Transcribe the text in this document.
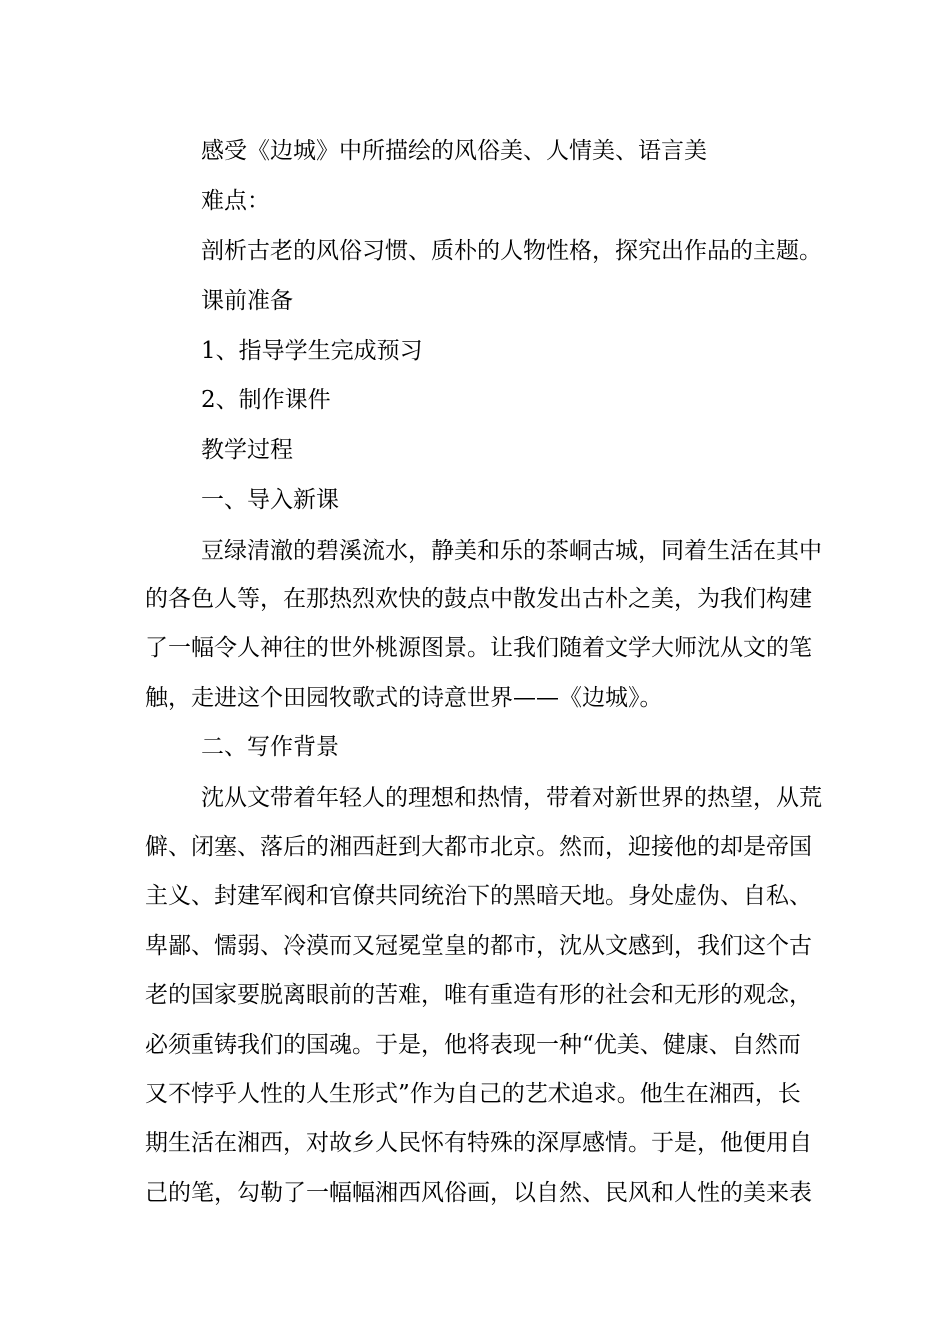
感受《边城》中所描绘的风俗美、人情美、语言美

难点：

剖析古老的风俗习惯、质朴的人物性格，探究出作品的主题。

课前准备

1、指导学生完成预习

2、制作课件

教学过程

一、导入新课

豆绿清澈的碧溪流水，静美和乐的茶峒古城，同着生活在其中

的各色人等，在那热烈欢快的鼓点中散发出古朴之美，为我们构建

了一幅令人神往的世外桃源图景。让我们随着文学大师沈从文的笔

触，走进这个田园牧歌式的诗意世界——《边城》。

二、写作背景

沈从文带着年轻人的理想和热情，带着对新世界的热望，从荒

僻、闭塞、落后的湘西赶到大都市北京。然而，迎接他的却是帝国

主义、封建军阀和官僚共同统治下的黑暗天地。身处虚伪、自私、

卑鄙、懦弱、冷漠而又冠冕堂皇的都市，沈从文感到，我们这个古

老的国家要脱离眼前的苦难，唯有重造有形的社会和无形的观念，

必须重铸我们的国魂。于是，他将表现一种“优美、健康、自然而

又不悖乎人性的人生形式”作为自己的艺术追求。他生在湘西，长

期生活在湘西，对故乡人民怀有特殊的深厚感情。于是，他便用自

己的笔，勾勒了一幅幅湘西风俗画，以自然、民风和人性的美来表
